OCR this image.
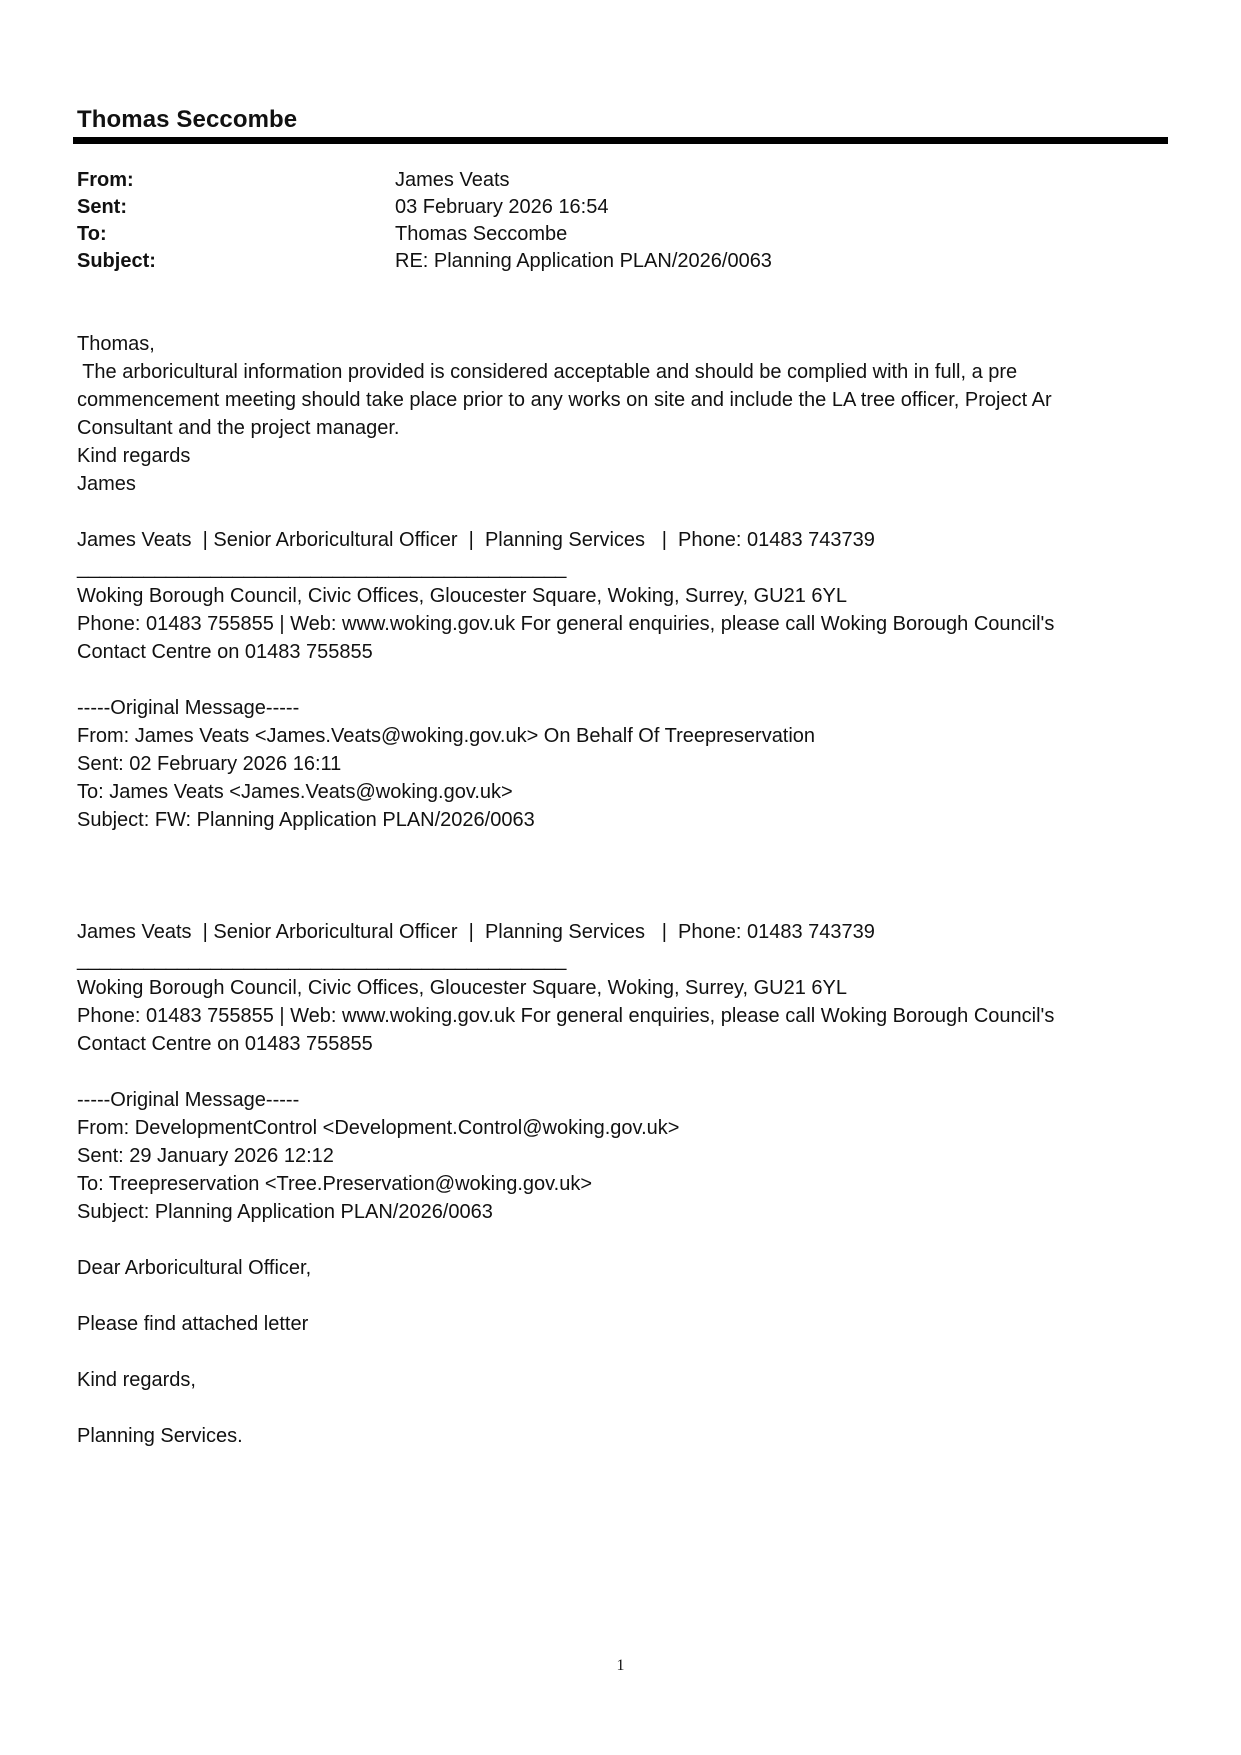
Thomas Seccombe
From:	James Veats
Sent:	03 February 2026 16:54
To:	Thomas Seccombe
Subject:	RE: Planning Application PLAN/2026/0063
Thomas,
The arboricultural information provided is considered acceptable and should be complied with in full, a pre
commencement meeting should take place prior to any works on site and include the LA tree officer, Project Ar
Consultant and the project manager.
Kind regards
James
James Veats  | Senior Arboricultural Officer  |  Planning Services   |  Phone: 01483 743739
____________________________________________
Woking Borough Council, Civic Offices, Gloucester Square, Woking, Surrey, GU21 6YL
Phone: 01483 755855 | Web: www.woking.gov.uk For general enquiries, please call Woking Borough Council's
Contact Centre on 01483 755855
-----Original Message-----
From: James Veats <James.Veats@woking.gov.uk> On Behalf Of Treepreservation
Sent: 02 February 2026 16:11
To: James Veats <James.Veats@woking.gov.uk>
Subject: FW: Planning Application PLAN/2026/0063
James Veats  | Senior Arboricultural Officer  |  Planning Services   |  Phone: 01483 743739
____________________________________________
Woking Borough Council, Civic Offices, Gloucester Square, Woking, Surrey, GU21 6YL
Phone: 01483 755855 | Web: www.woking.gov.uk For general enquiries, please call Woking Borough Council's
Contact Centre on 01483 755855
-----Original Message-----
From: DevelopmentControl <Development.Control@woking.gov.uk>
Sent: 29 January 2026 12:12
To: Treepreservation <Tree.Preservation@woking.gov.uk>
Subject: Planning Application PLAN/2026/0063
Dear Arboricultural Officer,
Please find attached letter
Kind regards,
Planning Services.
1
